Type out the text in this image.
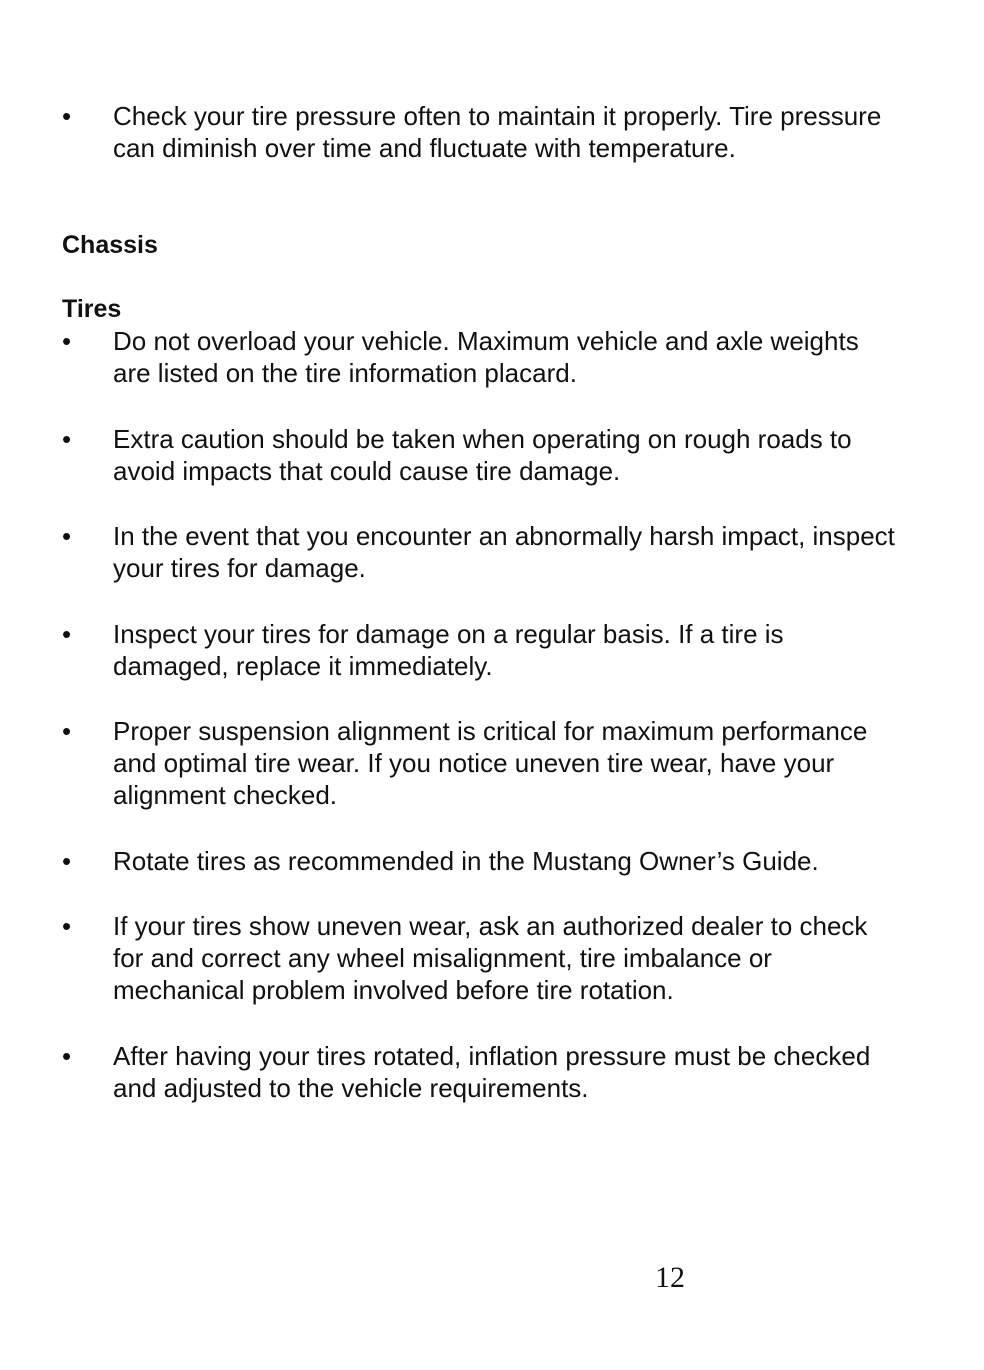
• Check your tire pressure often to maintain it properly. Tire pressure can diminish over time and fluctuate with temperature.
Chassis
Tires
• Do not overload your vehicle. Maximum vehicle and axle weights are listed on the tire information placard.
• Extra caution should be taken when operating on rough roads to avoid impacts that could cause tire damage.
• In the event that you encounter an abnormally harsh impact, inspect your tires for damage.
• Inspect your tires for damage on a regular basis. If a tire is damaged, replace it immediately.
• Proper suspension alignment is critical for maximum performance and optimal tire wear. If you notice uneven tire wear, have your alignment checked.
• Rotate tires as recommended in the Mustang Owner’s Guide.
• If your tires show uneven wear, ask an authorized dealer to check for and correct any wheel misalignment, tire imbalance or mechanical problem involved before tire rotation.
• After having your tires rotated, inflation pressure must be checked and adjusted to the vehicle requirements.
12
